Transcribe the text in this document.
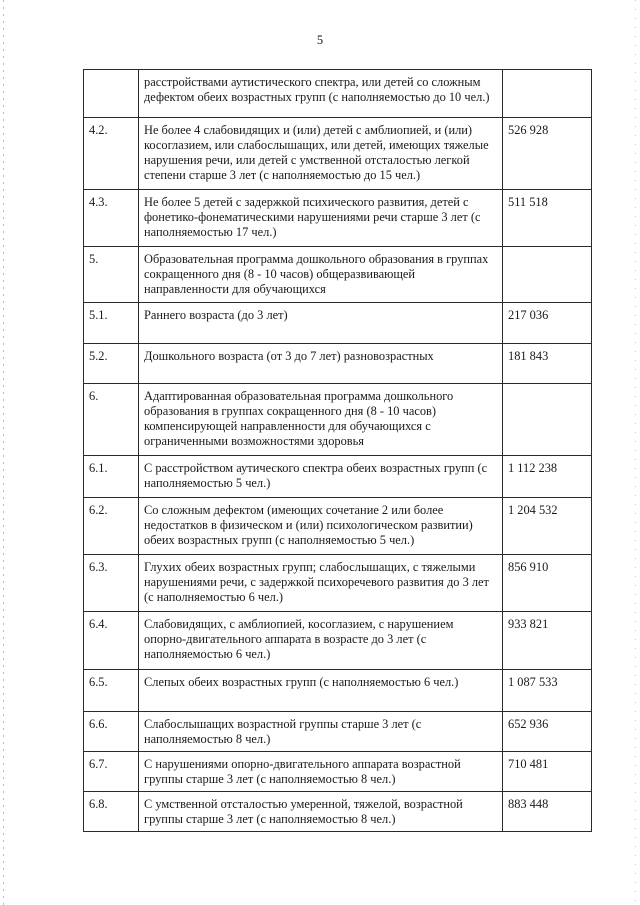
5
	расстройствами аутистического спектра, или детей со сложным дефектом обеих возрастных групп (с наполняемостью до 10 чел.)	
4.2.	Не более 4 слабовидящих и (или) детей с амблиопией, и (или) косоглазием, или слабослышащих, или детей, имеющих тяжелые нарушения речи, или детей с умственной отсталостью легкой степени старше 3 лет (с наполняемостью до 15 чел.)	526 928
4.3.	Не более 5 детей с задержкой психического развития, детей с фонетико-фонематическими нарушениями речи старше 3 лет (с наполняемостью 17 чел.)	511 518
5.	Образовательная программа дошкольного образования в группах сокращенного дня (8 - 10 часов) общеразвивающей направленности для обучающихся	
5.1.	Раннего возраста (до 3 лет)	217 036
5.2.	Дошкольного возраста (от 3 до 7 лет) разновозрастных	181 843
6.	Адаптированная образовательная программа дошкольного образования в группах сокращенного дня (8 - 10 часов) компенсирующей направленности для обучающихся с ограниченными возможностями здоровья	
6.1.	С расстройством аутического спектра обеих возрастных групп (с наполняемостью 5 чел.)	1 112 238
6.2.	Со сложным дефектом (имеющих сочетание 2 или более недостатков в физическом и (или) психологическом развитии) обеих возрастных групп (с наполняемостью 5 чел.)	1 204 532
6.3.	Глухих обеих возрастных групп; слабослышащих, с тяжелыми нарушениями речи, с задержкой психоречевого развития до 3 лет (с наполняемостью 6 чел.)	856 910
6.4.	Слабовидящих, с амблиопией, косоглазием, с нарушением опорно-двигательного аппарата в возрасте до 3 лет (с наполняемостью 6 чел.)	933 821
6.5.	Слепых обеих возрастных групп (с наполняемостью 6 чел.)	1 087 533
6.6.	Слабослышащих возрастной группы старше 3 лет (с наполняемостью 8 чел.)	652 936
6.7.	С нарушениями опорно-двигательного аппарата возрастной группы старше 3 лет (с наполняемостью 8 чел.)	710 481
6.8.	С умственной отсталостью умеренной, тяжелой, возрастной группы старше 3 лет (с наполняемостью 8 чел.)	883 448
